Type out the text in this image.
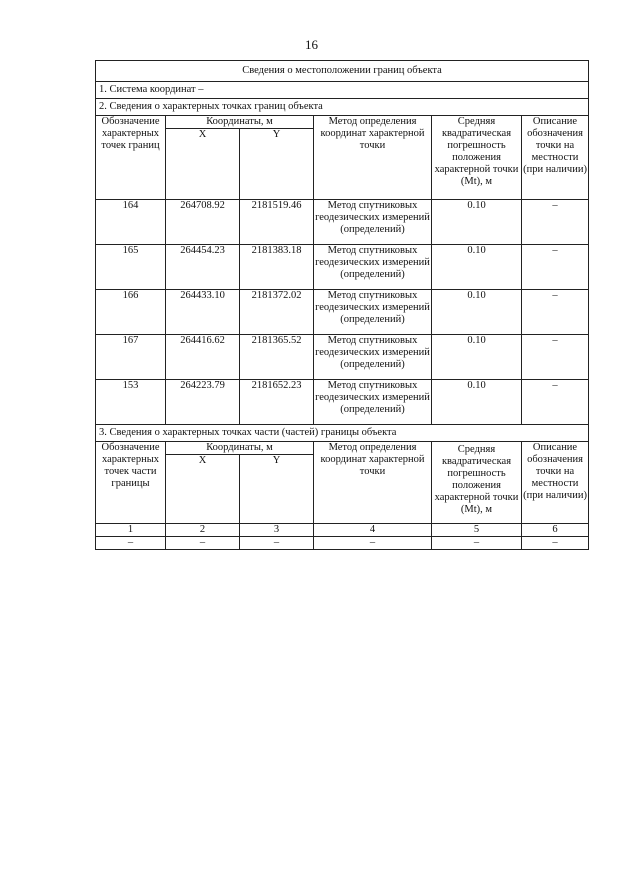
16
Сведения о местоположении границ объекта					
1. Система координат –					
2. Сведения о характерных точках границ объекта					
Обозначение характерных точек границ	Координаты, м		Метод определения координат характерной точки	Средняя квадратическая погрешность положения характерной точки (Mt), м	Описание обозначения точки на местности (при наличии)
	X	Y			
164	264708.92	2181519.46	Метод спутниковых геодезических измерений (определений)	0.10	–
165	264454.23	2181383.18	Метод спутниковых геодезических измерений (определений)	0.10	–
166	264433.10	2181372.02	Метод спутниковых геодезических измерений (определений)	0.10	–
167	264416.62	2181365.52	Метод спутниковых геодезических измерений (определений)	0.10	–
153	264223.79	2181652.23	Метод спутниковых геодезических измерений (определений)	0.10	–
3. Сведения о характерных точках части (частей) границы объекта					
Обозначение характерных точек части границы	Координаты, м		Метод определения координат характерной точки	Средняя квадратическая погрешность положения характерной точки (Mt), м	Описание обозначения точки на местности (при наличии)
	X	Y			
1	2	3	4	5	6
–	–	–	–	–	–
